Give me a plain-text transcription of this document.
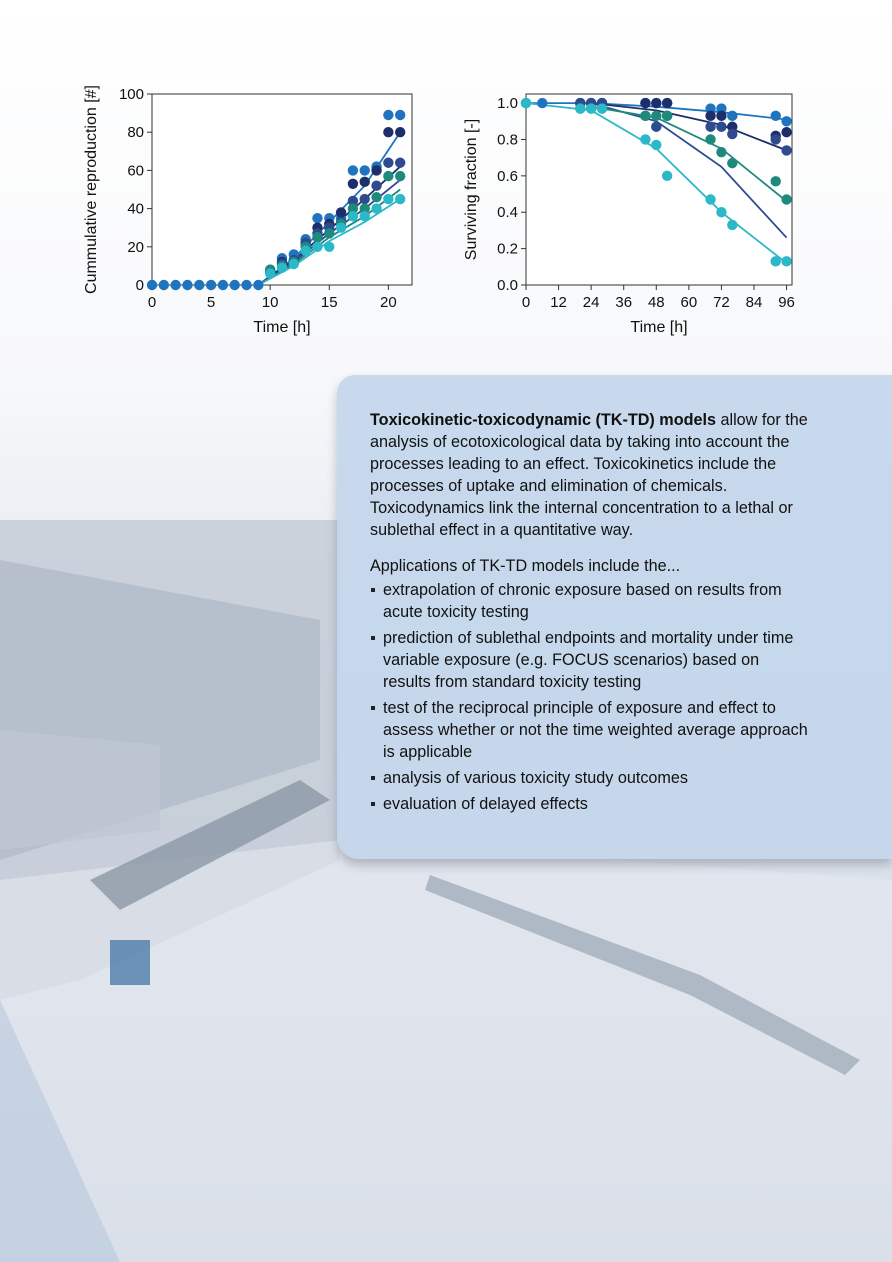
0	5	10	15	20
0
20
40
60
80
100
Time [h]
Cummulative reproduction [#]
0 12 24 36 48 60 72 84 96
0.0
0.2
0.4
0.6
0.8
1.0
Time [h]
Surviving fraction [-]

Toxicokinetic-toxicodynamic (TK-TD) models allow for the analysis of ecotoxicological data by taking into account the processes leading to an effect. Toxicokinetics include the processes of uptake and elimination of chemicals. Toxicodynamics link the internal concentration to a lethal or sublethal effect in a quantitative way.

Applications of TK-TD models include the...

extrapolation of chronic exposure based on results from acute toxicity testing
prediction of sublethal endpoints and mortality under time variable exposure (e.g. FOCUS scenarios) based on results from standard toxicity testing
test of the reciprocal principle of exposure and effect to assess whether or not the time weighted average approach is applicable
analysis of various toxicity study outcomes
evaluation of delayed effects
